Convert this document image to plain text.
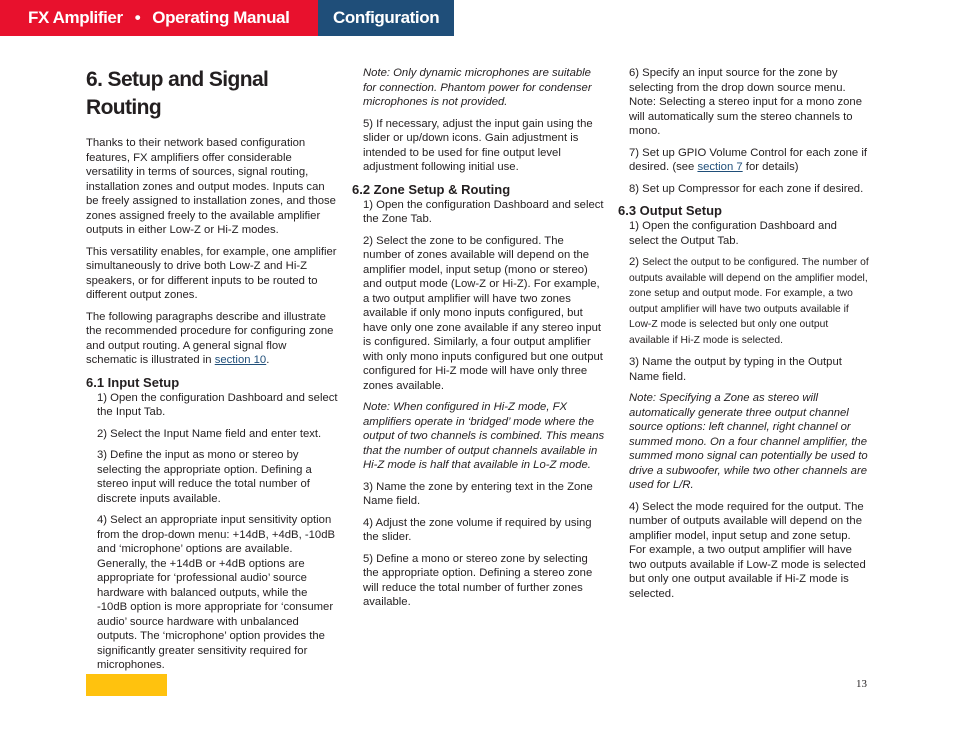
FX Amplifier • Operating Manual	Configuration
6. Setup and Signal Routing

Thanks to their network based configuration features, FX amplifiers offer considerable versatility in terms of sources, signal routing, installation zones and output modes. Inputs can be freely assigned to installation zones, and those zones assigned freely to the available amplifier outputs in either Low-Z or Hi-Z modes.

This versatility enables, for example, one amplifier simultaneously to drive both Low-Z and Hi-Z speakers, or for different inputs to be routed to different output zones.

The following paragraphs describe and illustrate the recommended procedure for configuring zone and output routing. A general signal flow schematic is illustrated in section 10.

6.1 Input Setup

1) Open the configuration Dashboard and select the Input Tab.

2) Select the Input Name field and enter text.

3) Define the input as mono or stereo by selecting the appropriate option. Defining a stereo input will reduce the total number of discrete inputs available.

4) Select an appropriate input sensitivity option from the drop-down menu: +14dB, +4dB, -10dB and ‘microphone’ options are available. Generally, the +14dB or +4dB options are appropriate for ‘professional audio’ source hardware with balanced outputs, while the -10dB option is more appropriate for ‘consumer audio’ source hardware with unbalanced outputs. The ‘microphone’ option provides the significantly greater sensitivity required for microphones.

Note: Only dynamic microphones are suitable for connection. Phantom power for condenser microphones is not provided.

5) If necessary, adjust the input gain using the slider or up/down icons. Gain adjustment is intended to be used for fine output level adjustment following initial use.

6.2 Zone Setup & Routing

1) Open the configuration Dashboard and select the Zone Tab.

2) Select the zone to be configured. The number of zones available will depend on the amplifier model, input setup (mono or stereo) and output mode (Low-Z or Hi-Z). For example, a two output amplifier will have two zones available if only mono inputs configured, but have only one zone available if any stereo input is configured. Similarly, a four output amplifier with only mono inputs configured but one output configured for Hi-Z mode will have only three zones available.

Note: When configured in Hi-Z mode, FX amplifiers operate in ‘bridged’ mode where the output of two channels is combined. This means that the number of output channels available in Hi-Z mode is half that available in Lo-Z mode.

3) Name the zone by entering text in the Zone Name field.

4) Adjust the zone volume if required by using the slider.

5) Define a mono or stereo zone by selecting the appropriate option. Defining a stereo zone will reduce the total number of further zones available.

6) Specify an input source for the zone by selecting from the drop down source menu. Note: Selecting a stereo input for a mono zone will automatically sum the stereo channels to mono.

7) Set up GPIO Volume Control for each zone if desired. (see section 7 for details)

8) Set up Compressor for each zone if desired.

6.3 Output Setup

1) Open the configuration Dashboard and select the Output Tab.

2) Select the output to be configured. The number of outputs available will depend on the amplifier model, zone setup and output mode. For example, a two output amplifier will have two outputs available if Low-Z mode is selected but only one output available if Hi-Z mode is selected.

3) Name the output by typing in the Output Name field.

Note: Specifying a Zone as stereo will automatically generate three output channel source options: left channel, right channel or summed mono. On a four channel amplifier, the summed mono signal can potentially be used to drive a subwoofer, while two other channels are used for L/R.

4) Select the mode required for the output. The number of outputs available will depend on the amplifier model, input setup and zone setup. For example, a two output amplifier will have two outputs available if Low-Z mode is selected but only one output available if Hi-Z mode is selected.

13
